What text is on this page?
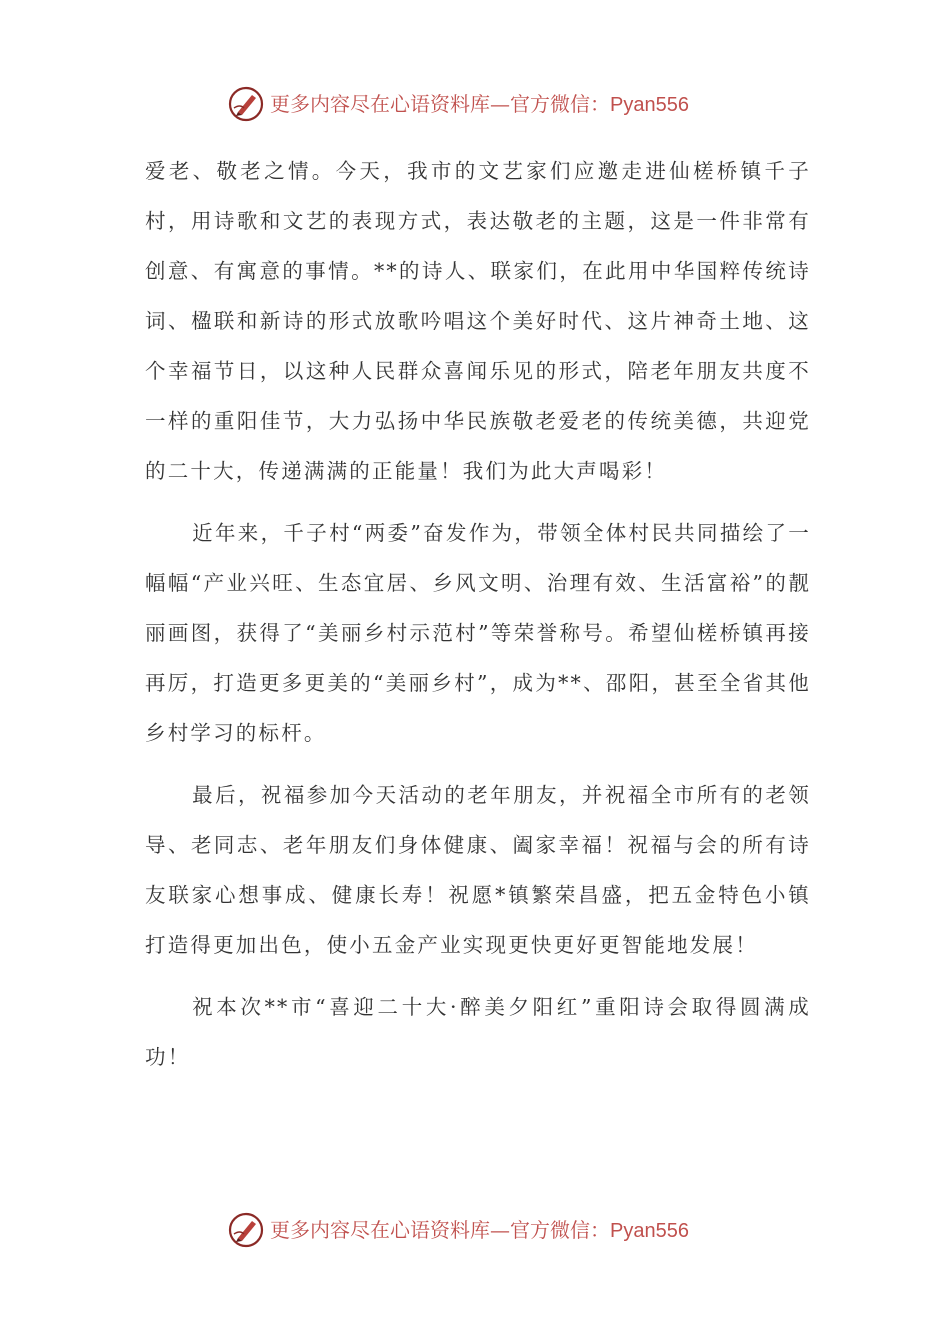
更多内容尽在心语资料库—官方微信：Pyan556

爱老、敬老之情。今天，我市的文艺家们应邀走进仙槎桥镇千子村，用诗歌和文艺的表现方式，表达敬老的主题，这是一件非常有创意、有寓意的事情。**的诗人、联家们，在此用中华国粹传统诗词、楹联和新诗的形式放歌吟唱这个美好时代、这片神奇土地、这个幸福节日，以这种人民群众喜闻乐见的形式，陪老年朋友共度不一样的重阳佳节，大力弘扬中华民族敬老爱老的传统美德，共迎党的二十大，传递满满的正能量！我们为此大声喝彩！

近年来，千子村“两委”奋发作为，带领全体村民共同描绘了一幅幅“产业兴旺、生态宜居、乡风文明、治理有效、生活富裕”的靓丽画图，获得了“美丽乡村示范村”等荣誉称号。希望仙槎桥镇再接再厉，打造更多更美的“美丽乡村”，成为**、邵阳，甚至全省其他乡村学习的标杆。

最后，祝福参加今天活动的老年朋友，并祝福全市所有的老领导、老同志、老年朋友们身体健康、阖家幸福！祝福与会的所有诗友联家心想事成、健康长寿！祝愿*镇繁荣昌盛，把五金特色小镇打造得更加出色，使小五金产业实现更快更好更智能地发展！

祝本次**市“喜迎二十大·醉美夕阳红”重阳诗会取得圆满成功！

更多内容尽在心语资料库—官方微信：Pyan556
